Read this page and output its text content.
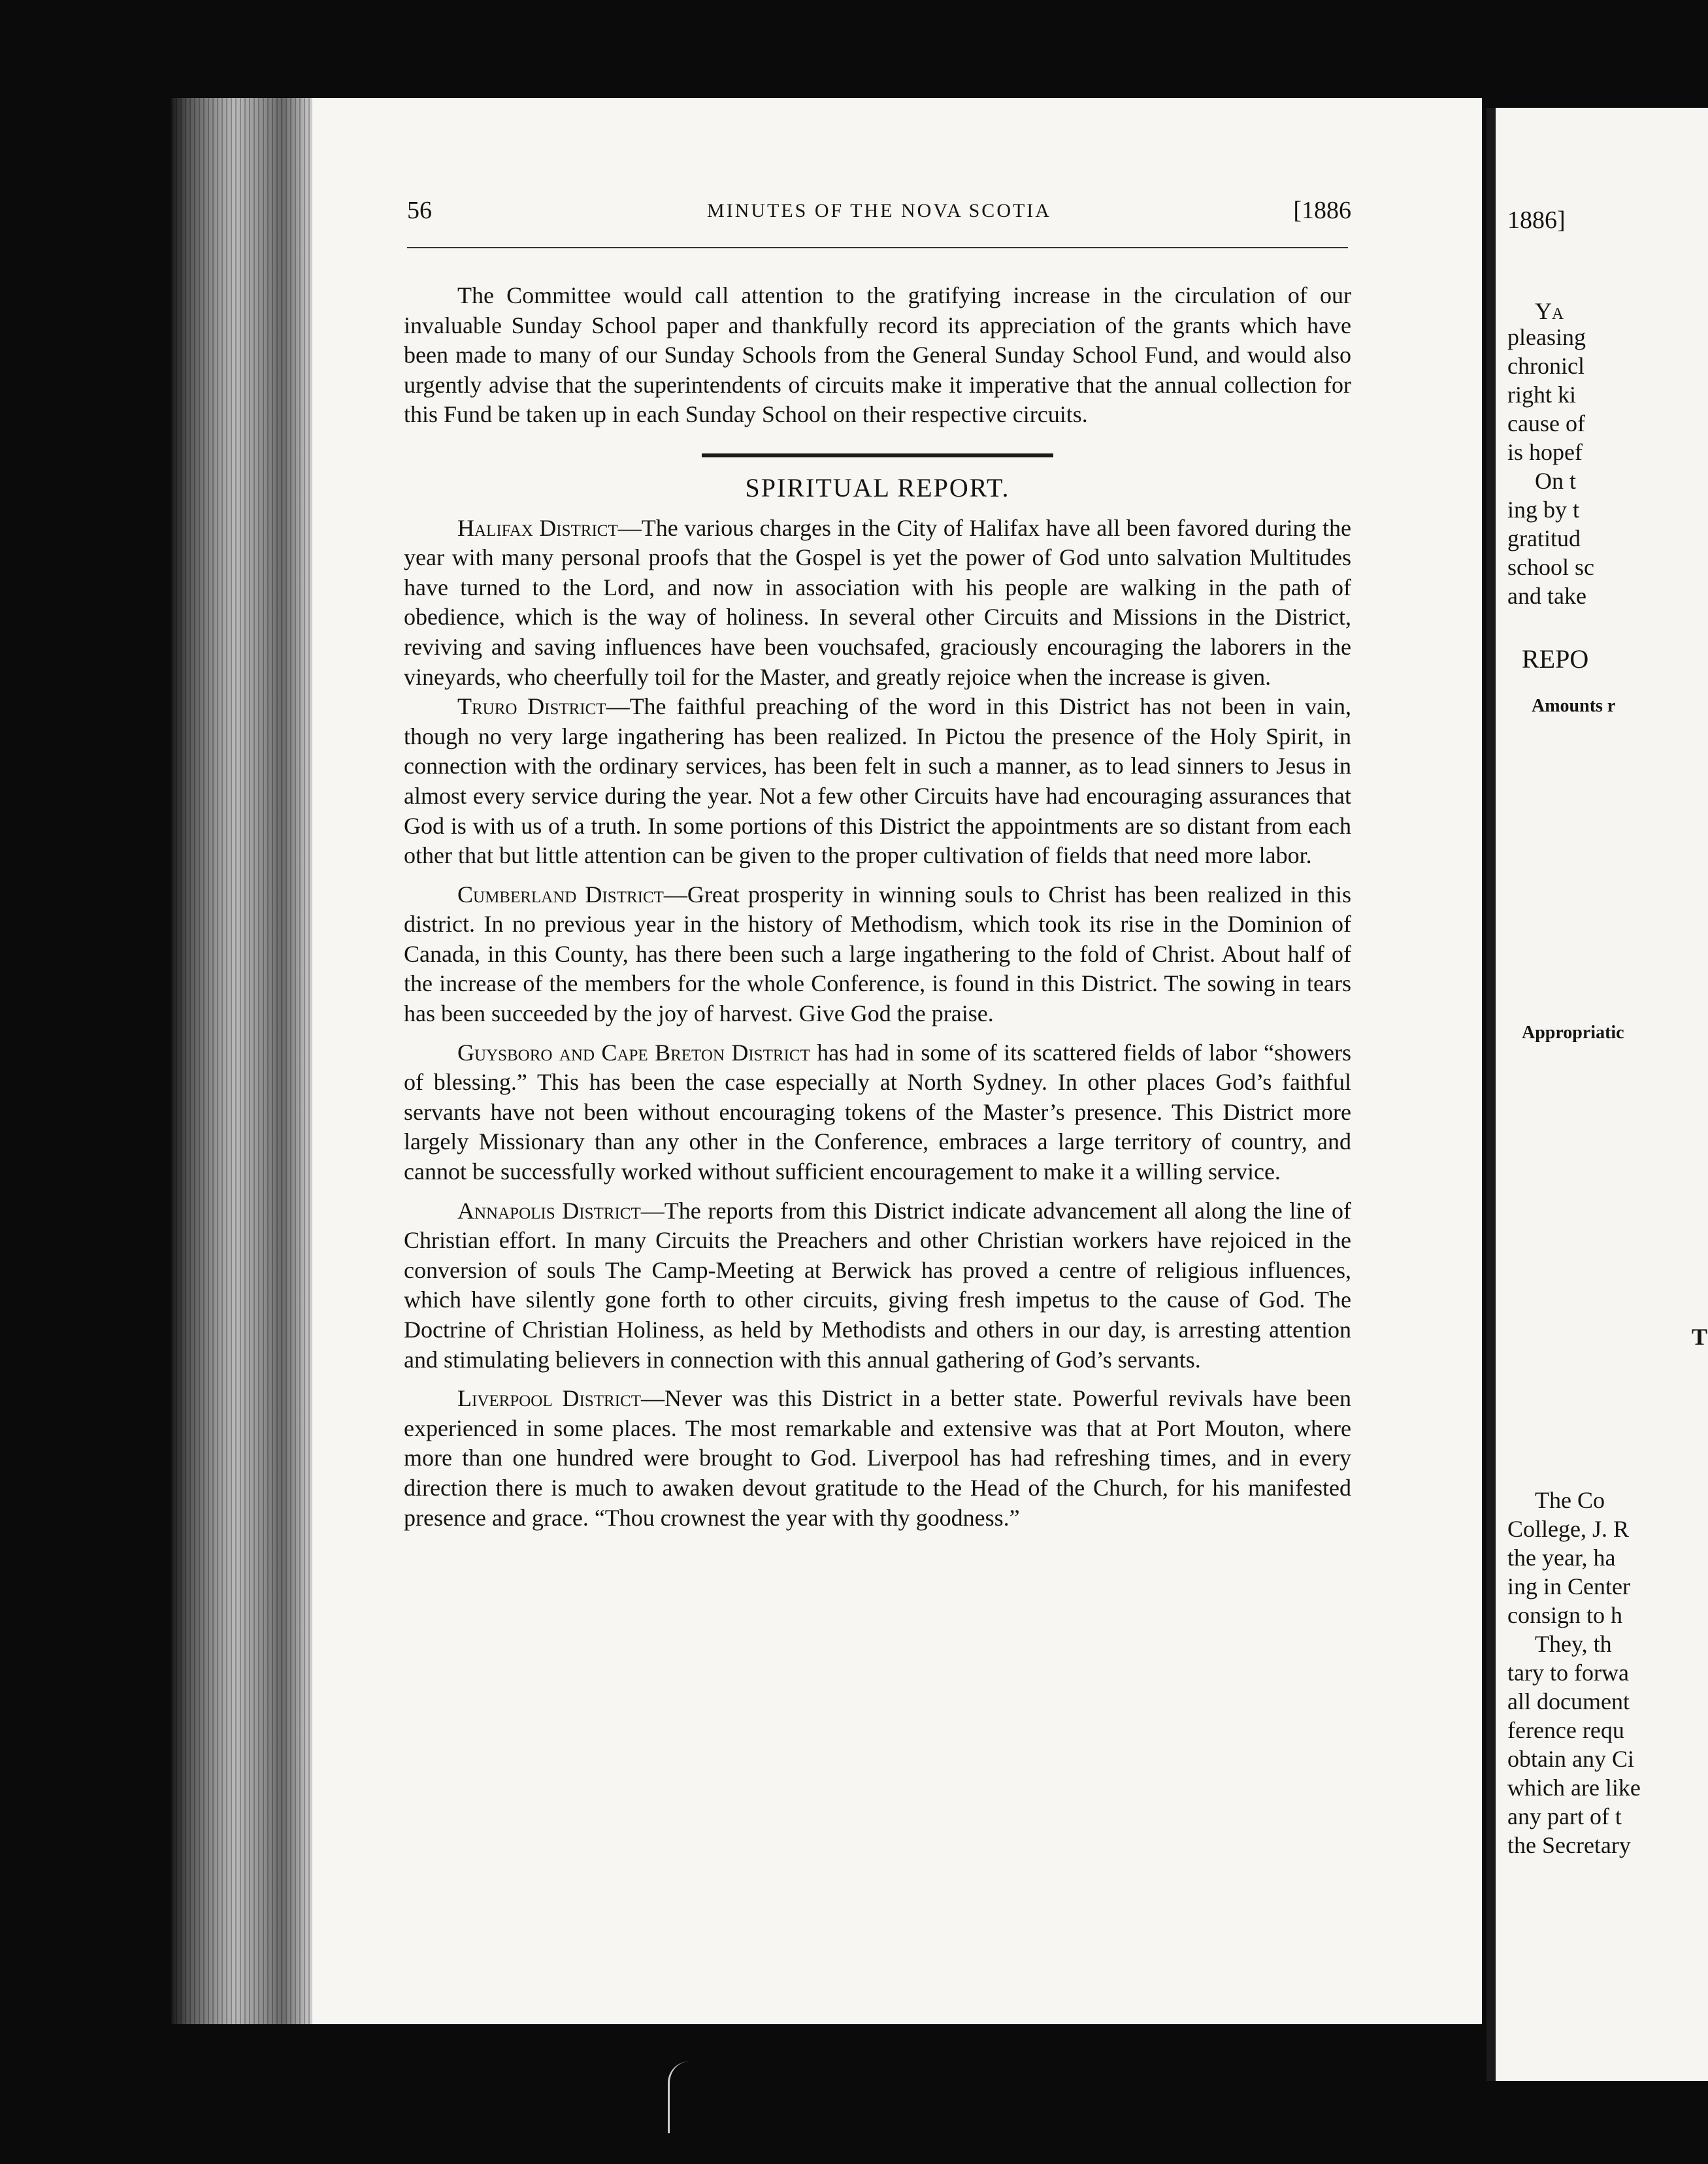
56	MINUTES OF THE NOVA SCOTIA	[1886

The Committee would call attention to the gratifying increase in the circulation of our invaluable Sunday School paper and thankfully record its appreciation of the grants which have been made to many of our Sunday Schools from the General Sunday School Fund, and would also urgently advise that the superintendents of circuits make it imperative that the annual collection for this Fund be taken up in each Sunday School on their respective circuits.

SPIRITUAL REPORT.

Halifax District—The various charges in the City of Halifax have all been favored during the year with many personal proofs that the Gospel is yet the power of God unto salvation Multitudes have turned to the Lord, and now in association with his people are walking in the path of obedience, which is the way of holiness. In several other Circuits and Missions in the District, reviving and saving influences have been vouchsafed, graciously encouraging the laborers in the vineyards, who cheerfully toil for the Master, and greatly rejoice when the increase is given.

Truro District—The faithful preaching of the word in this District has not been in vain, though no very large ingathering has been realized. In Pictou the presence of the Holy Spirit, in connection with the ordinary services, has been felt in such a manner, as to lead sinners to Jesus in almost every service during the year. Not a few other Circuits have had encouraging assurances that God is with us of a truth. In some portions of this District the appointments are so distant from each other that but little attention can be given to the proper cultivation of fields that need more labor.

Cumberland District—Great prosperity in winning souls to Christ has been realized in this district. In no previous year in the history of Methodism, which took its rise in the Dominion of Canada, in this County, has there been such a large ingathering to the fold of Christ. About half of the increase of the members for the whole Conference, is found in this District. The sowing in tears has been succeeded by the joy of harvest. Give God the praise.

Guysboro and Cape Breton District has had in some of its scattered fields of labor “showers of blessing.” This has been the case especially at North Sydney. In other places God’s faithful servants have not been without encouraging tokens of the Master’s presence. This District more largely Missionary than any other in the Conference, embraces a large territory of country, and cannot be successfully worked without sufficient encouragement to make it a willing service.

Annapolis District—The reports from this District indicate advancement all along the line of Christian effort. In many Circuits the Preachers and other Christian workers have rejoiced in the conversion of souls The Camp-Meeting at Berwick has proved a centre of religious influences, which have silently gone forth to other circuits, giving fresh impetus to the cause of God. The Doctrine of Christian Holiness, as held by Methodists and others in our day, is arresting attention and stimulating believers in connection with this annual gathering of God’s servants.

Liverpool District—Never was this District in a better state. Powerful revivals have been experienced in some places. The most remarkable and extensive was that at Port Mouton, where more than one hundred were brought to God. Liverpool has had refreshing times, and in every direction there is much to awaken devout gratitude to the Head of the Church, for his manifested presence and grace. “Thou crownest the year with thy goodness.”

1886]
Ya
pleasing
chronicl
right ki
cause of
is hopef
On t
ing by t
gratitud
school sc
and take
REPO
Amounts r
Appropriatic
T
The Co
College, J. R
the year, ha
ing in Center
consign to h
They, th
tary to forwa
all document
ference requ
obtain any Ci
which are like
any part of t
the Secretary
